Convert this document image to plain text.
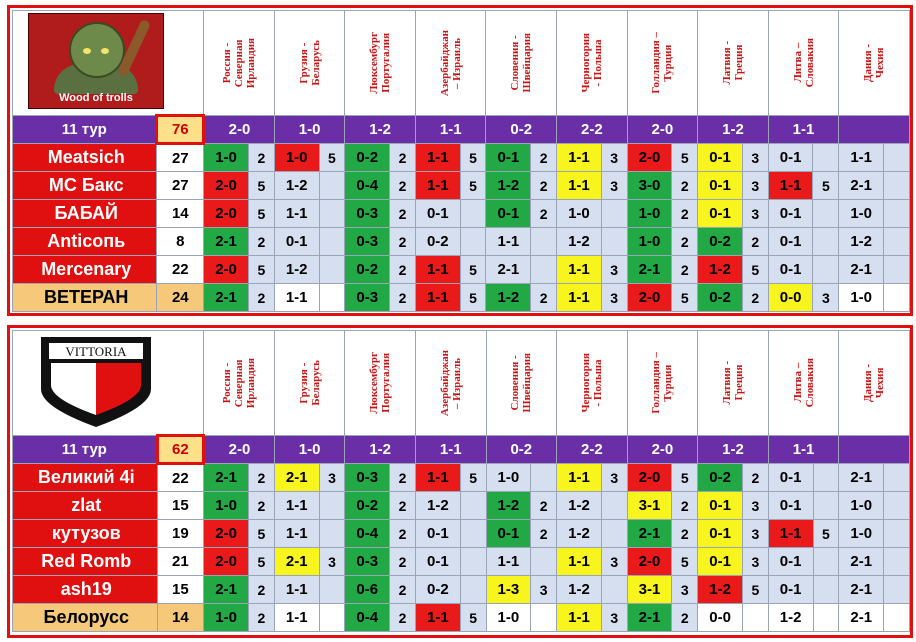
Wood of trolls		Россия -
Северная
Ирландия		Грузия -
Беларусь		Люксембург
Португалия		Азербайджан
– Израиль		Словения -
Швейцария		Черногория
- Польша		Голландия –
Турция		Латвия -
Греция		Литва –
Словакия		Дания -
Чехия	

11 тур	76	2-0		1-0		1-2		1-1		0-2		2-2		2-0		1-2		1-1			
Meatsich	27	1-0	2	1-0	5	0-2	2	1-1	5	0-1	2	1-1	3	2-0	5	0-1	3	0-1		1-1	
МС Бакс	27	2-0	5	1-2		0-4	2	1-1	5	1-2	2	1-1	3	3-0	2	0-1	3	1-1	5	2-1	
БАБАЙ	14	2-0	5	1-1		0-3	2	0-1		0-1	2	1-0		1-0	2	0-1	3	0-1		1-0	
Anticoпь	8	2-1	2	0-1		0-3	2	0-2		1-1		1-2		1-0	2	0-2	2	0-1		1-2	
Mercenary	22	2-0	5	1-2		0-2	2	1-1	5	2-1		1-1	3	2-1	2	1-2	5	0-1		2-1	
ВЕТЕРАН	24	2-1	2	1-1		0-3	2	1-1	5	1-2	2	1-1	3	2-0	5	0-2	2	0-0	3	1-0	
VITTORIA		Россия -
Северная
Ирландия		Грузия -
Беларусь		Люксембург
Португалия		Азербайджан
– Израиль		Словения -
Швейцария		Черногория
- Польша		Голландия –
Турция		Латвия -
Греция		Литва –
Словакия		Дания -
Чехия	

11 тур	62	2-0		1-0		1-2		1-1		0-2		2-2		2-0		1-2		1-1			
Великий 4i	22	2-1	2	2-1	3	0-3	2	1-1	5	1-0		1-1	3	2-0	5	0-2	2	0-1		2-1	
zlat	15	1-0	2	1-1		0-2	2	1-2		1-2	2	1-2		3-1	2	0-1	3	0-1		1-0	
кутузов	19	2-0	5	1-1		0-4	2	0-1		0-1	2	1-2		2-1	2	0-1	3	1-1	5	1-0	
Red Romb	21	2-0	5	2-1	3	0-3	2	0-1		1-1		1-1	3	2-0	5	0-1	3	0-1		2-1	
ash19	15	2-1	2	1-1		0-6	2	0-2		1-3	3	1-2		3-1	3	1-2	5	0-1		2-1	
Белорусс	14	1-0	2	1-1		0-4	2	1-1	5	1-0		1-1	3	2-1	2	0-0		1-2		2-1	
